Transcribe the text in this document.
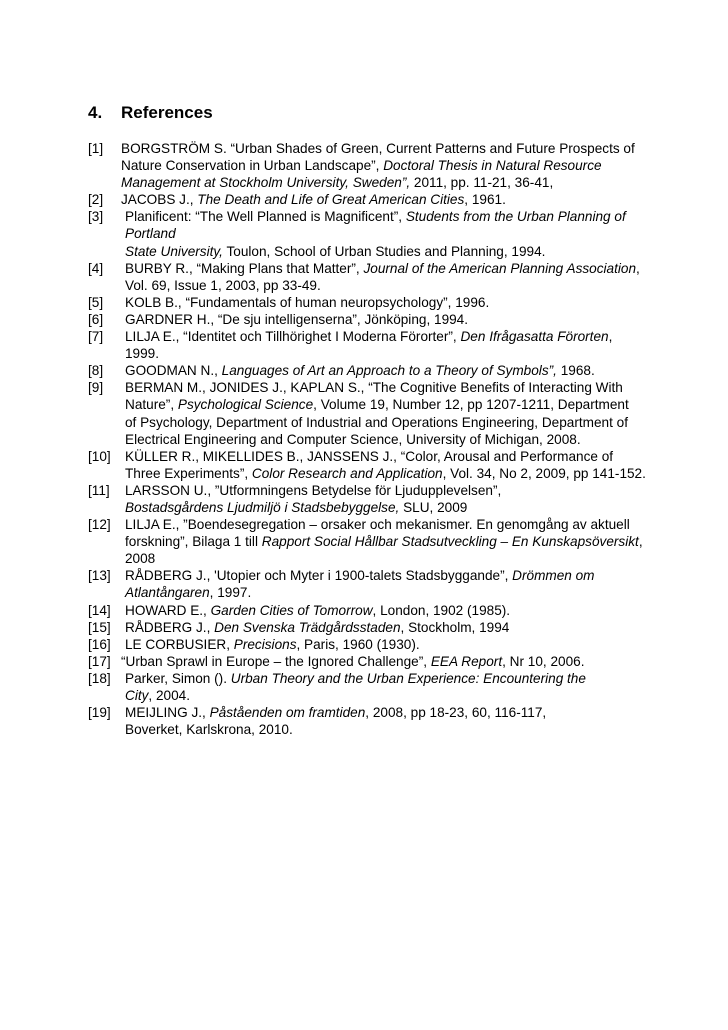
4. References
[1]	BORGSTRÖM S. “Urban Shades of Green, Current Patterns and Future Prospects of
Nature Conservation in Urban Landscape”, Doctoral Thesis in Natural Resource
Management at Stockholm University, Sweden”, 2011, pp. 11-21, 36-41,
[2]	JACOBS J., The Death and Life of Great American Cities, 1961.
[3]	Planificent: “The Well Planned is Magnificent”, Students from the Urban Planning of
Portland
State University, Toulon, School of Urban Studies and Planning, 1994.
[4]	BURBY R., “Making Plans that Matter”, Journal of the American Planning Association,
Vol. 69, Issue 1, 2003, pp 33-49.
[5]	KOLB B., “Fundamentals of human neuropsychology”, 1996.
[6]	GARDNER H., “De sju intelligenserna”, Jönköping, 1994.
[7]	LILJA E., “Identitet och Tillhörighet I Moderna Förorter”, Den Ifrågasatta Förorten,
1999.
[8]	GOODMAN N., Languages of Art an Approach to a Theory of Symbols”, 1968.
[9]	BERMAN M., JONIDES J., KAPLAN S., “The Cognitive Benefits of Interacting With
Nature”, Psychological Science, Volume 19, Number 12, pp 1207-1211, Department
of Psychology, Department of Industrial and Operations Engineering, Department of
Electrical Engineering and Computer Science, University of Michigan, 2008.
[10]	KÜLLER R., MIKELLIDES B., JANSSENS J., “Color, Arousal and Performance of
Three Experiments”, Color Research and Application, Vol. 34, No 2, 2009, pp 141-152.
[11]	LARSSON U., ”Utformningens Betydelse för Ljudupplevelsen”,
Bostadsgårdens Ljudmiljö i Stadsbebyggelse, SLU, 2009
[12]	LILJA E., ”Boendesegregation – orsaker och mekanismer. En genomgång av aktuell
forskning”, Bilaga 1 till Rapport Social Hållbar Stadsutveckling – En Kunskapsöversikt,
2008
[13]	RÅDBERG J., 'Utopier och Myter i 1900-talets Stadsbyggande”, Drömmen om
Atlantångaren, 1997.
[14]	HOWARD E., Garden Cities of Tomorrow, London, 1902 (1985).
[15]	RÅDBERG J., Den Svenska Trädgårdsstaden, Stockholm, 1994
[16]	LE CORBUSIER, Precisions, Paris, 1960 (1930).
[17] “Urban Sprawl in Europe – the Ignored Challenge”, EEA Report, Nr 10, 2006.
[18]	Parker, Simon (). Urban Theory and the Urban Experience: Encountering the
City, 2004.
[19]	MEIJLING J., Påståenden om framtiden, 2008, pp 18-23, 60, 116-117,
Boverket, Karlskrona, 2010.
